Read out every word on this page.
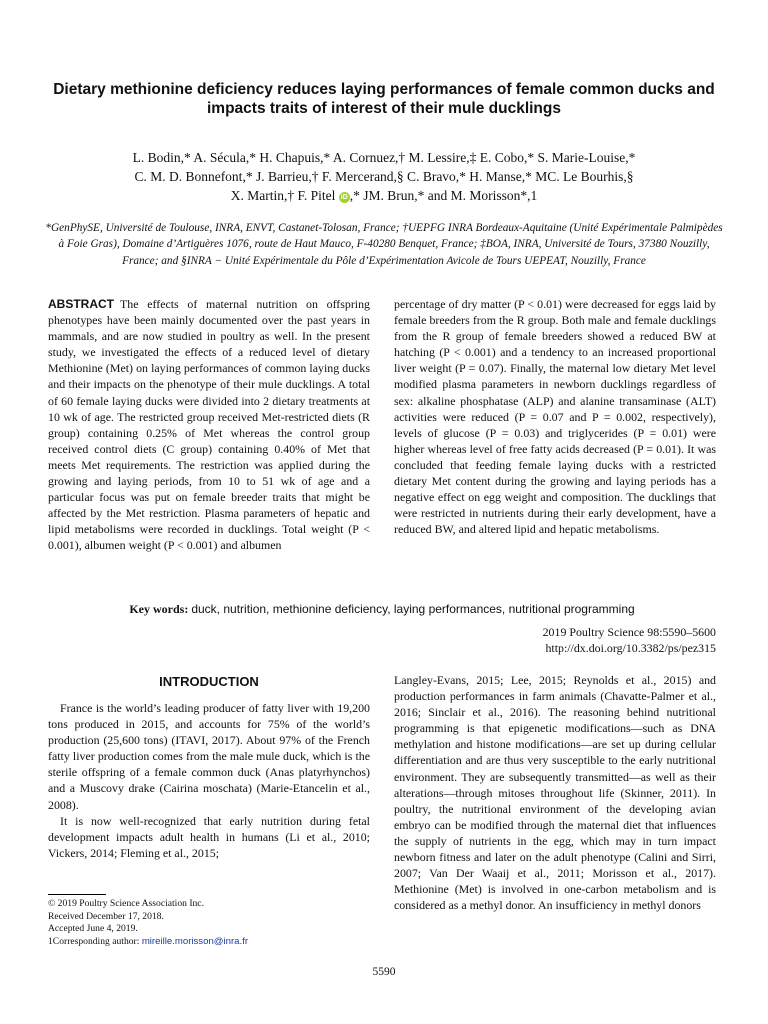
Dietary methionine deficiency reduces laying performances of female common ducks and impacts traits of interest of their mule ducklings
L. Bodin,* A. Sécula,* H. Chapuis,* A. Cornuez,† M. Lessire,‡ E. Cobo,* S. Marie-Louise,*
C. M. D. Bonnefont,* J. Barrieu,† F. Mercerand,§ C. Bravo,* H. Manse,* MC. Le Bourhis,§
X. Martin,† F. Pitel iD ,* JM. Brun,* and M. Morisson*,1
*GenPhySE, Université de Toulouse, INRA, ENVT, Castanet-Tolosan, France; †UEPFG INRA Bordeaux-Aquitaine (Unité Expérimentale Palmipèdes à Foie Gras), Domaine d’Artiguères 1076, route de Haut Mauco, F-40280 Benquet, France; ‡BOA, INRA, Université de Tours, 37380 Nouzilly, France; and §INRA − Unité Expérimentale du Pôle d’Expérimentation Avicole de Tours UEPEAT, Nouzilly, France
ABSTRACT The effects of maternal nutrition on offspring phenotypes have been mainly documented over the past years in mammals, and are now studied in poultry as well. In the present study, we investigated the effects of a reduced level of dietary Methionine (Met) on laying performances of common laying ducks and their impacts on the phenotype of their mule ducklings. A total of 60 female laying ducks were divided into 2 dietary treatments at 10 wk of age. The restricted group received Met-restricted diets (R group) containing 0.25% of Met whereas the control group received control diets (C group) containing 0.40% of Met that meets Met requirements. The restriction was applied during the growing and laying periods, from 10 to 51 wk of age and a particular focus was put on female breeder traits that might be affected by the Met restriction. Plasma parameters of hepatic and lipid metabolisms were recorded in ducklings. Total weight (P < 0.001), albumen weight (P < 0.001) and albumen
percentage of dry matter (P < 0.01) were decreased for eggs laid by female breeders from the R group. Both male and female ducklings from the R group of female breeders showed a reduced BW at hatching (P < 0.001) and a tendency to an increased proportional liver weight (P = 0.07). Finally, the maternal low dietary Met level modified plasma parameters in newborn ducklings regardless of sex: alkaline phosphatase (ALP) and alanine transaminase (ALT) activities were reduced (P = 0.07 and P = 0.002, respectively), levels of glucose (P = 0.03) and triglycerides (P = 0.01) were higher whereas level of free fatty acids decreased (P = 0.01). It was concluded that feeding female laying ducks with a restricted dietary Met content during the growing and laying periods has a negative effect on egg weight and composition. The ducklings that were restricted in nutrients during their early development, have a reduced BW, and altered lipid and hepatic metabolisms.
Key words: duck, nutrition, methionine deficiency, laying performances, nutritional programming
2019 Poultry Science 98:5590–5600
http://dx.doi.org/10.3382/ps/pez315
INTRODUCTION

France is the world’s leading producer of fatty liver with 19,200 tons produced in 2015, and accounts for 75% of the world’s production (25,600 tons) (ITAVI, 2017). About 97% of the French fatty liver production comes from the male mule duck, which is the sterile offspring of a female common duck (Anas platyrhynchos) and a Muscovy drake (Cairina moschata) (Marie-Etancelin et al., 2008).

It is now well-recognized that early nutrition during fetal development impacts adult health in humans (Li et al., 2010; Vickers, 2014; Fleming et al., 2015;

Langley-Evans, 2015; Lee, 2015; Reynolds et al., 2015) and production performances in farm animals (Chavatte-Palmer et al., 2016; Sinclair et al., 2016). The reasoning behind nutritional programming is that epigenetic modifications—such as DNA methylation and histone modifications—are set up during cellular differentiation and are thus very susceptible to the early nutritional environment. They are subsequently transmitted—as well as their alterations—through mitoses throughout life (Skinner, 2011). In poultry, the nutritional environment of the developing avian embryo can be modified through the maternal diet that influences the supply of nutrients in the egg, which may in turn impact newborn fitness and later on the adult phenotype (Calini and Sirri, 2007; Van Der Waaij et al., 2011; Morisson et al., 2017). Methionine (Met) is involved in one-carbon metabolism and is considered as a methyl donor. An insufficiency in methyl donors
© 2019 Poultry Science Association Inc.
Received December 17, 2018.
Accepted June 4, 2019.
1Corresponding author: mireille.morisson@inra.fr
5590
